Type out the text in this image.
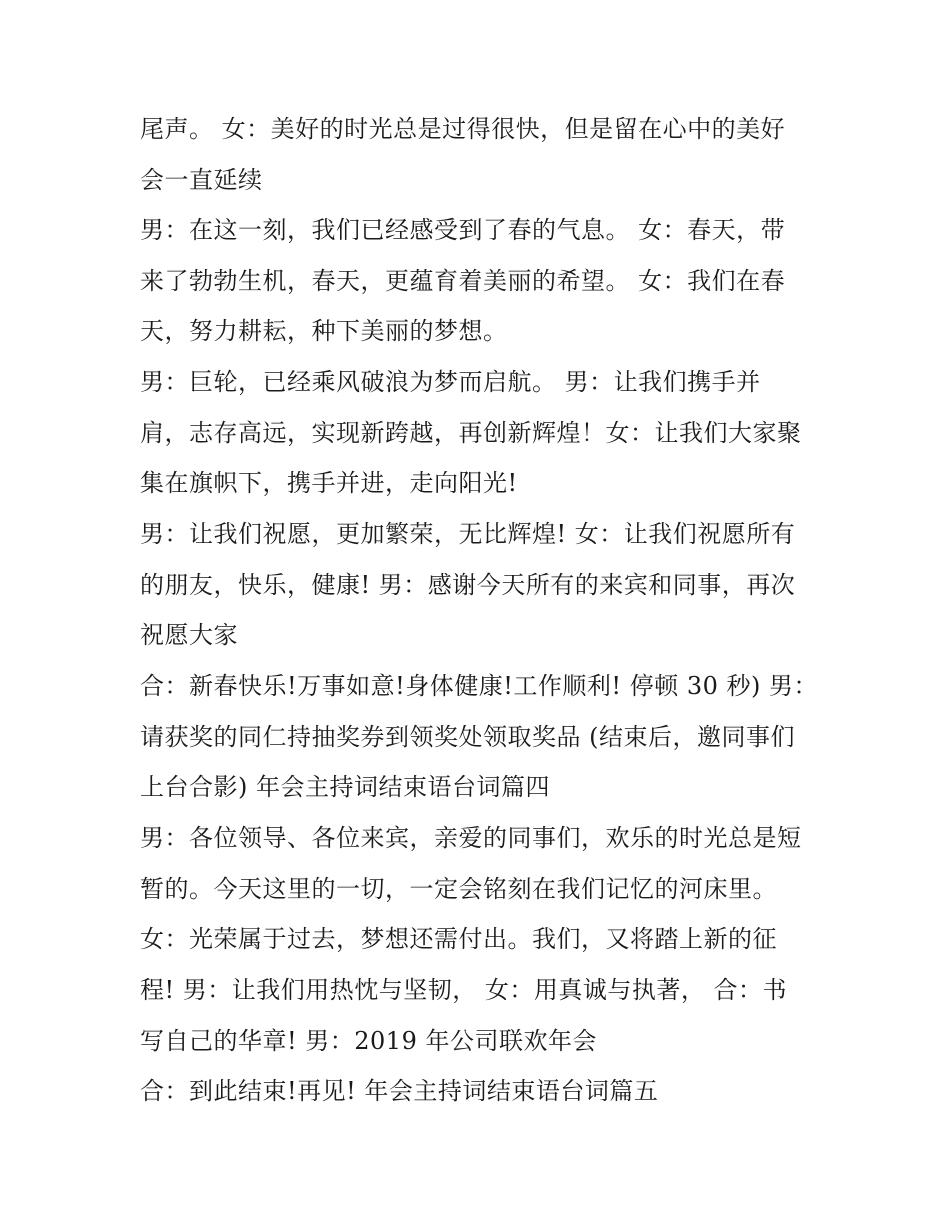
尾声。 女：美好的时光总是过得很快，但是留在心中的美好
会一直延续
男：在这一刻，我们已经感受到了春的气息。 女：春天，带
来了勃勃生机，春天，更蕴育着美丽的希望。 女：我们在春
天，努力耕耘，种下美丽的梦想。
男：巨轮，已经乘风破浪为梦而启航。 男：让我们携手并
肩，志存高远，实现新跨越，再创新辉煌！女：让我们大家聚
集在旗帜下，携手并进，走向阳光!
男：让我们祝愿，更加繁荣，无比辉煌! 女：让我们祝愿所有
的朋友，快乐，健康! 男：感谢今天所有的来宾和同事，再次
祝愿大家
合：新春快乐!万事如意!身体健康!工作顺利! 停顿 30 秒) 男：
请获奖的同仁持抽奖券到领奖处领取奖品 (结束后，邀同事们
上台合影) 年会主持词结束语台词篇四
男：各位领导、各位来宾，亲爱的同事们，欢乐的时光总是短
暂的。今天这里的一切，一定会铭刻在我们记忆的河床里。
女：光荣属于过去，梦想还需付出。我们，又将踏上新的征
程! 男：让我们用热忱与坚韧， 女：用真诚与执著， 合：书
写自己的华章! 男：2019 年公司联欢年会
合：到此结束!再见! 年会主持词结束语台词篇五
